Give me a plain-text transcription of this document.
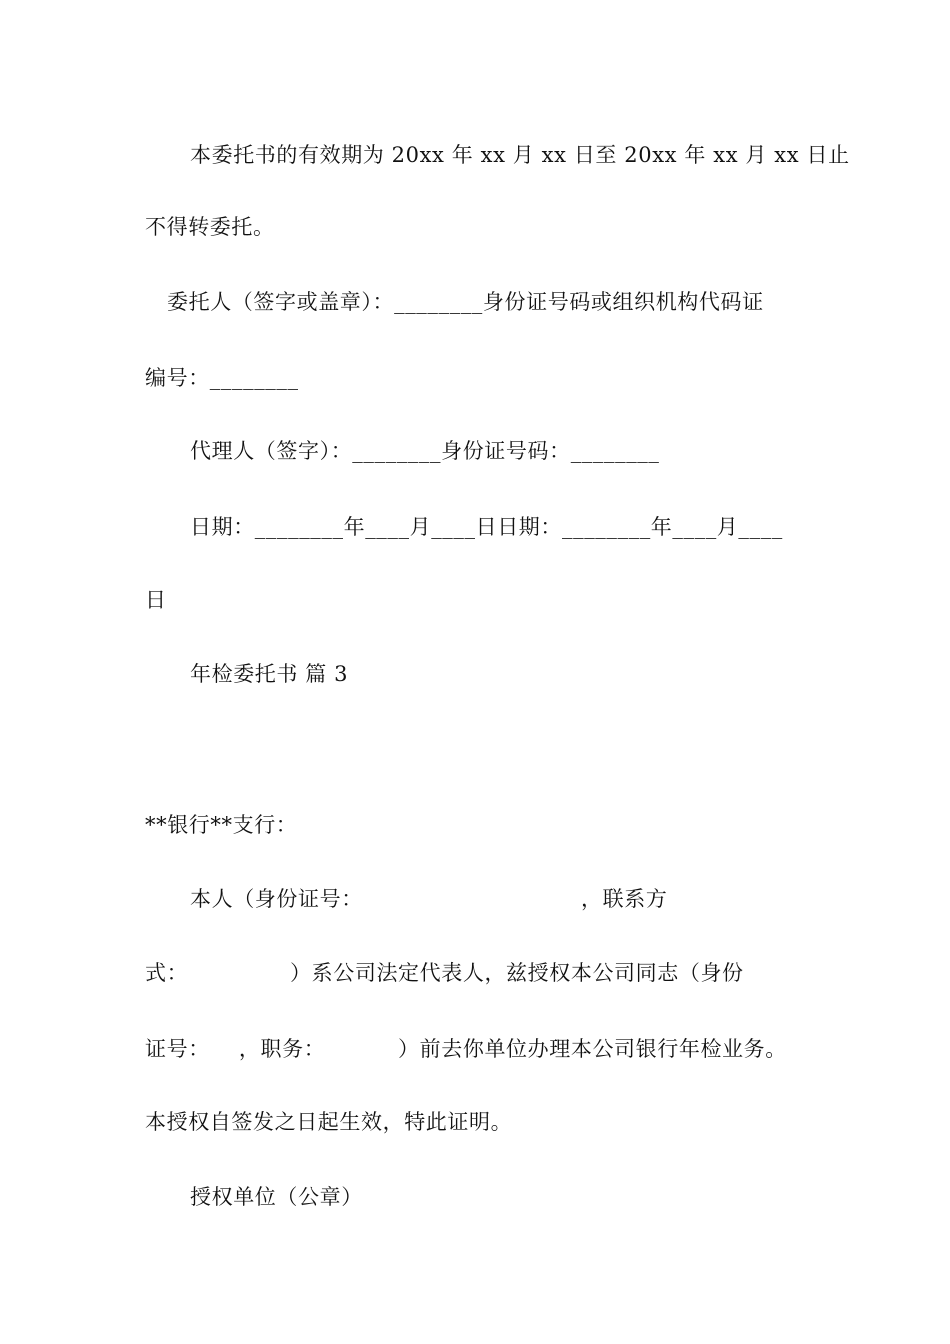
本委托书的有效期为 20xx 年 xx 月 xx 日至 20xx 年 xx 月 xx 日止
不得转委托。
委托人（签字或盖章）：________身份证号码或组织机构代码证
编号：________
代理人（签字）：________身份证号码：________
日期：________年____月____日日期：________年____月____
日
年检委托书 篇 3
**银行**支行：
本人（身份证号：                              ，联系方
式：              ）系公司法定代表人，兹授权本公司同志（身份
证号：    ，职务：          ）前去你单位办理本公司银行年检业务。
本授权自签发之日起生效，特此证明。
授权单位（公章）
